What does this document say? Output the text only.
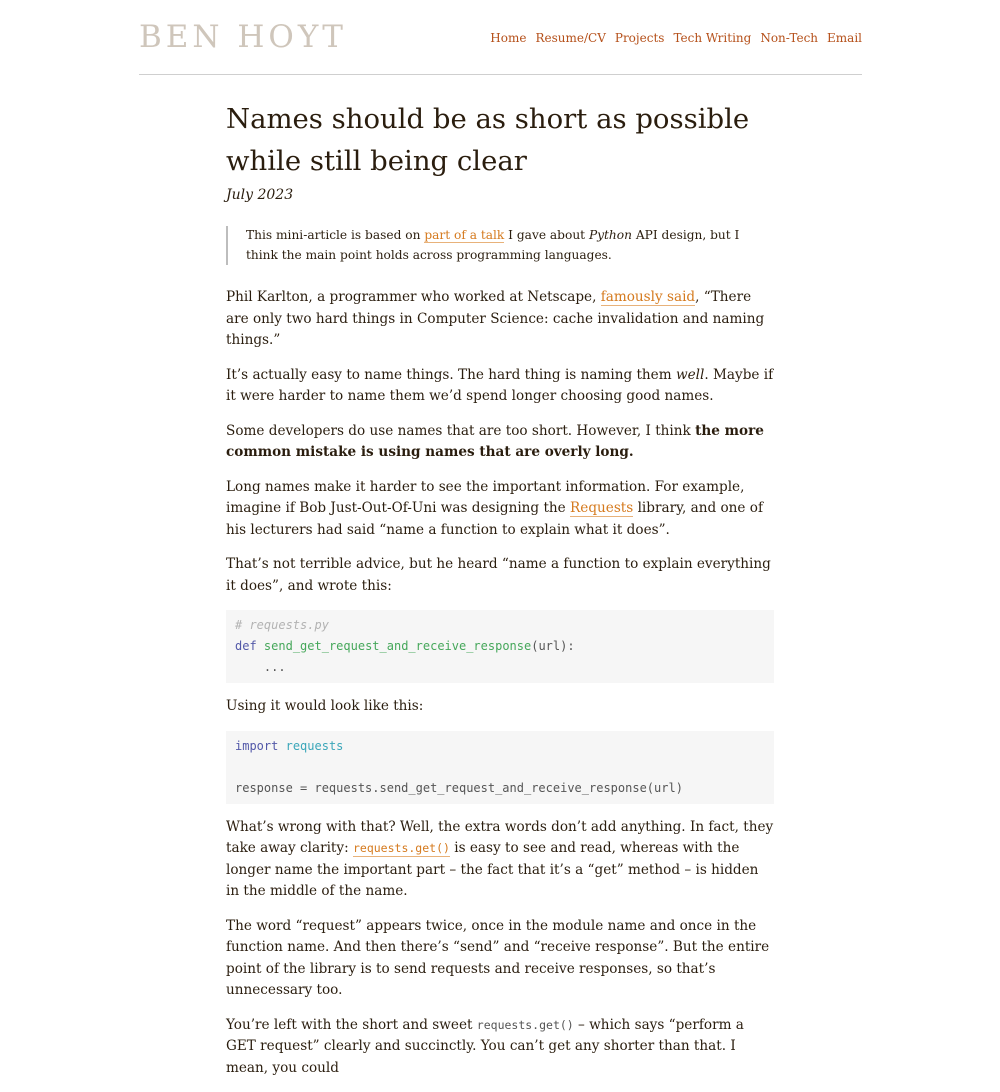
BEN HOYT	Home Resume/CV Projects Tech Writing Non-Tech Email
Names should be as short as possible while still being clear

July 2023

This mini-article is based on part of a talk I gave about Python API design, but I think the main point holds across programming languages.

Phil Karlton, a programmer who worked at Netscape, famously said, “There are only two hard things in Computer Science: cache invalidation and naming things.”

It’s actually easy to name things. The hard thing is naming them well. Maybe if it were harder to name them we’d spend longer choosing good names.

Some developers do use names that are too short. However, I think the more common mistake is using names that are overly long.

Long names make it harder to see the important information. For example, imagine if Bob Just-Out-Of-Uni was designing the Requests library, and one of his lecturers had said “name a function to explain what it does”.

That’s not terrible advice, but he heard “name a function to explain everything it does”, and wrote this:

# requests.py
def send_get_request_and_receive_response(url):
...

Using it would look like this:

import requests

response = requests.send_get_request_and_receive_response(url)

What’s wrong with that? Well, the extra words don’t add anything. In fact, they take away clarity: requests.get() is easy to see and read, whereas with the longer name the important part – the fact that it’s a “get” method – is hidden in the middle of the name.

The word “request” appears twice, once in the module name and once in the function name. And then there’s “send” and “receive response”. But the entire point of the library is to send requests and receive responses, so that’s unnecessary too.

You’re left with the short and sweet requests.get() – which says “perform a GET request” clearly and succinctly. You can’t get any shorter than that. I mean, you could
